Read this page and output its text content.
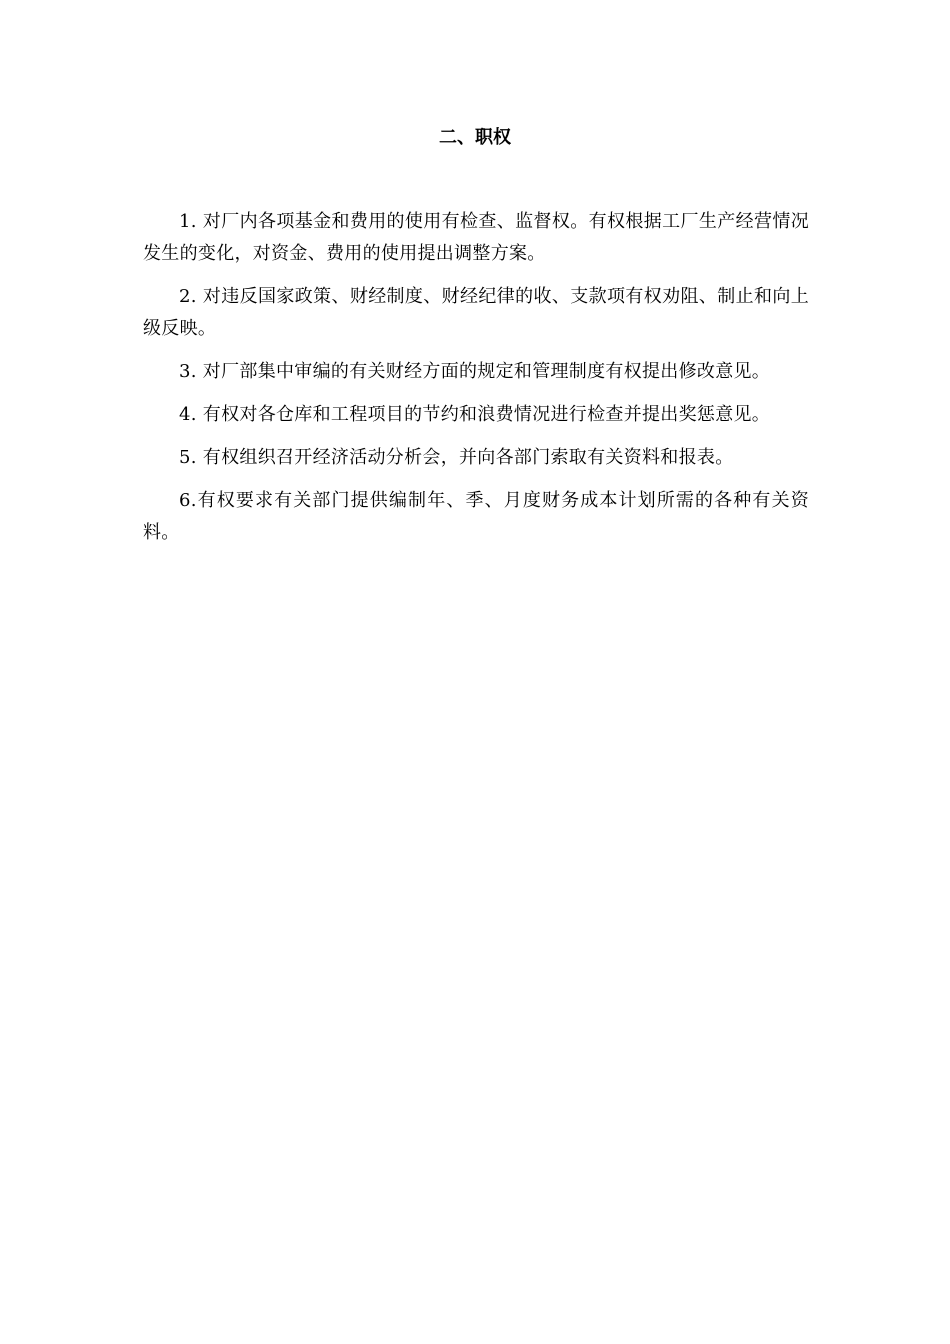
二、职权

1. 对厂内各项基金和费用的使用有检查、监督权。有权根据工厂生产经营情况发生的变化，对资金、费用的使用提出调整方案。

2. 对违反国家政策、财经制度、财经纪律的收、支款项有权劝阻、制止和向上级反映。

3. 对厂部集中审编的有关财经方面的规定和管理制度有权提出修改意见。

4. 有权对各仓库和工程项目的节约和浪费情况进行检查并提出奖惩意见。

5. 有权组织召开经济活动分析会，并向各部门索取有关资料和报表。

6.有权要求有关部门提供编制年、季、月度财务成本计划所需的各种有关资料。
